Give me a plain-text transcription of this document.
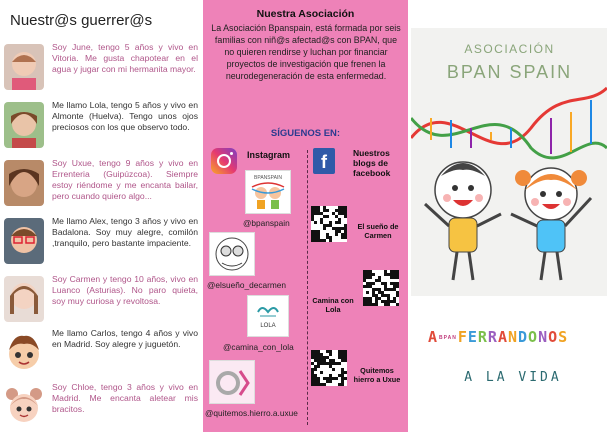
Nuestr@s guerrer@s
Soy June, tengo 5 años y vivo en Vitoria. Me gusta chapotear en el agua y jugar con mi hermanita mayor.
Me llamo Lola, tengo 5 años y vivo en Almonte (Huelva). Tengo unos ojos preciosos con los que observo todo.
Soy Uxue, tengo 9 años y vivo en Errenteria (Guipúzcoa). Siempre estoy riéndome y me encanta bailar, pero cuando quiero algo...
Me llamo Alex, tengo 3 años y vivo en Badalona. Soy muy alegre, comilón ,tranquilo, pero bastante impaciente.
Soy Carmen y tengo 10 años, vivo en Luanco (Asturias). No paro quieta, soy muy curiosa y revoltosa.
Me llamo Carlos, tengo 4 años y vivo en Madrid. Soy alegre y juguetón.
Soy Chloe, tengo 3 años y vivo en Madrid. Me encanta aletear mis bracitos.
Nuestra Asociación
La Asociación Bpanspain, está formada por seis familias con niñ@s afectad@s con BPAN, que no quieren rendirse y luchan por financiar proyectos de investigación que frenen la neurodegeneración de esta enfermedad.
SÍGUENOS EN:
Instagram	f	Nuestros blogs de facebook
BPANSPAIN
@bpanspain
@elsueño_decarmen
LOLA
@camina_con_lola
@quitemos.hierro.a.uxue
El sueño de Carmen
Camina con Lola
Quitemos hierro a Uxue
ASOCIACIÓN
BPAN SPAIN
ABPANFERRANDONOS
A LA VIDA
